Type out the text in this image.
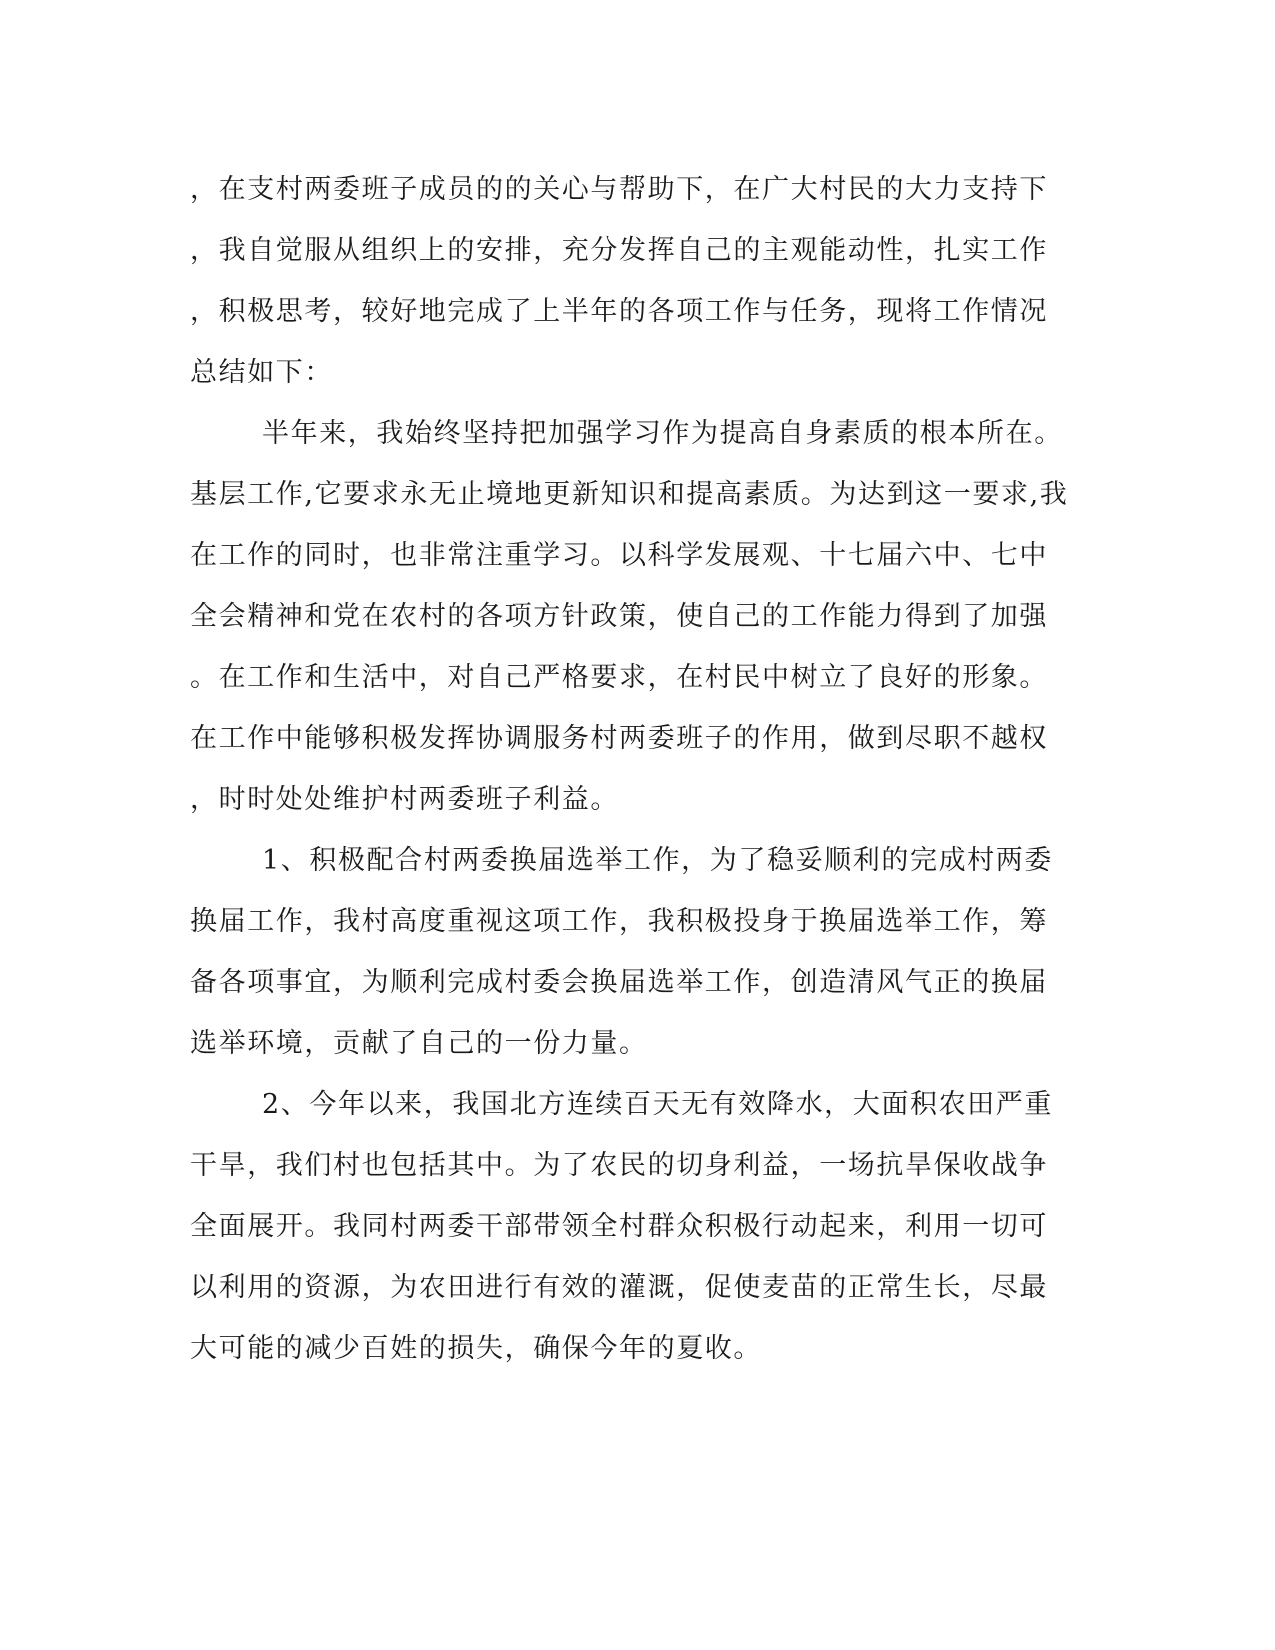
，在支村两委班子成员的的关心与帮助下，在广大村民的大力支持下
，我自觉服从组织上的安排，充分发挥自己的主观能动性，扎实工作
，积极思考，较好地完成了上半年的各项工作与任务，现将工作情况
总结如下：
半年来，我始终坚持把加强学习作为提高自身素质的根本所在。
基层工作,它要求永无止境地更新知识和提高素质。为达到这一要求,我
在工作的同时，也非常注重学习。以科学发展观、十七届六中、七中
全会精神和党在农村的各项方针政策，使自己的工作能力得到了加强
。在工作和生活中，对自己严格要求，在村民中树立了良好的形象。
在工作中能够积极发挥协调服务村两委班子的作用，做到尽职不越权
，时时处处维护村两委班子利益。
1、积极配合村两委换届选举工作，为了稳妥顺利的完成村两委
换届工作，我村高度重视这项工作，我积极投身于换届选举工作，筹
备各项事宜，为顺利完成村委会换届选举工作，创造清风气正的换届
选举环境，贡献了自己的一份力量。
2、今年以来，我国北方连续百天无有效降水，大面积农田严重
干旱，我们村也包括其中。为了农民的切身利益，一场抗旱保收战争
全面展开。我同村两委干部带领全村群众积极行动起来，利用一切可
以利用的资源，为农田进行有效的灌溉，促使麦苗的正常生长，尽最
大可能的减少百姓的损失，确保今年的夏收。
